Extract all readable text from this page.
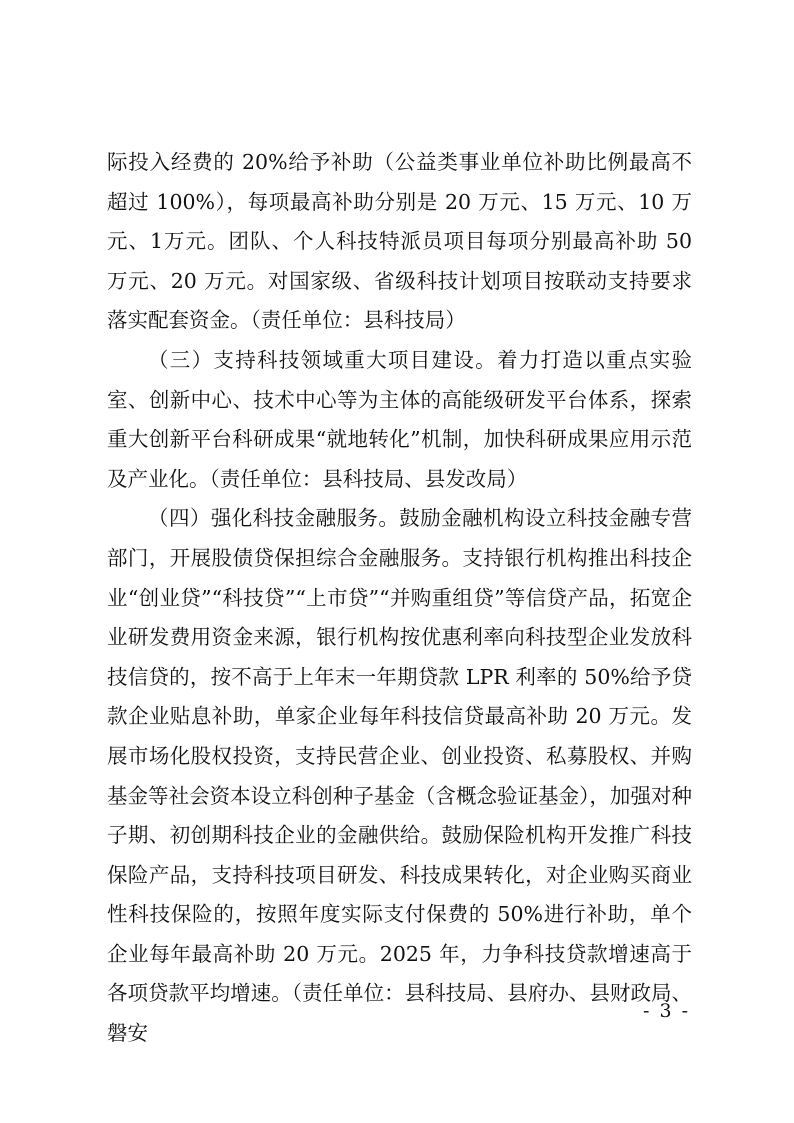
际投入经费的 20%给予补助（公益类事业单位补助比例最高不超过 100%），每项最高补助分别是 20 万元、15 万元、10 万元、1万元。团队、个人科技特派员项目每项分别最高补助 50 万元、20 万元。对国家级、省级科技计划项目按联动支持要求落实配套资金。（责任单位：县科技局）

（三）支持科技领域重大项目建设。着力打造以重点实验室、创新中心、技术中心等为主体的高能级研发平台体系，探索重大创新平台科研成果“就地转化”机制，加快科研成果应用示范及产业化。（责任单位：县科技局、县发改局）

（四）强化科技金融服务。鼓励金融机构设立科技金融专营部门，开展股债贷保担综合金融服务。支持银行机构推出科技企业“创业贷”“科技贷”“上市贷”“并购重组贷”等信贷产品，拓宽企业研发费用资金来源，银行机构按优惠利率向科技型企业发放科技信贷的，按不高于上年末一年期贷款 LPR 利率的 50%给予贷款企业贴息补助，单家企业每年科技信贷最高补助 20 万元。发展市场化股权投资，支持民营企业、创业投资、私募股权、并购基金等社会资本设立科创种子基金（含概念验证基金），加强对种子期、初创期科技企业的金融供给。鼓励保险机构开发推广科技保险产品，支持科技项目研发、科技成果转化，对企业购买商业性科技保险的，按照年度实际支付保费的 50%进行补助，单个企业每年最高补助 20 万元。2025 年，力争科技贷款增速高于各项贷款平均增速。（责任单位：县科技局、县府办、县财政局、磐安

- 3 -
